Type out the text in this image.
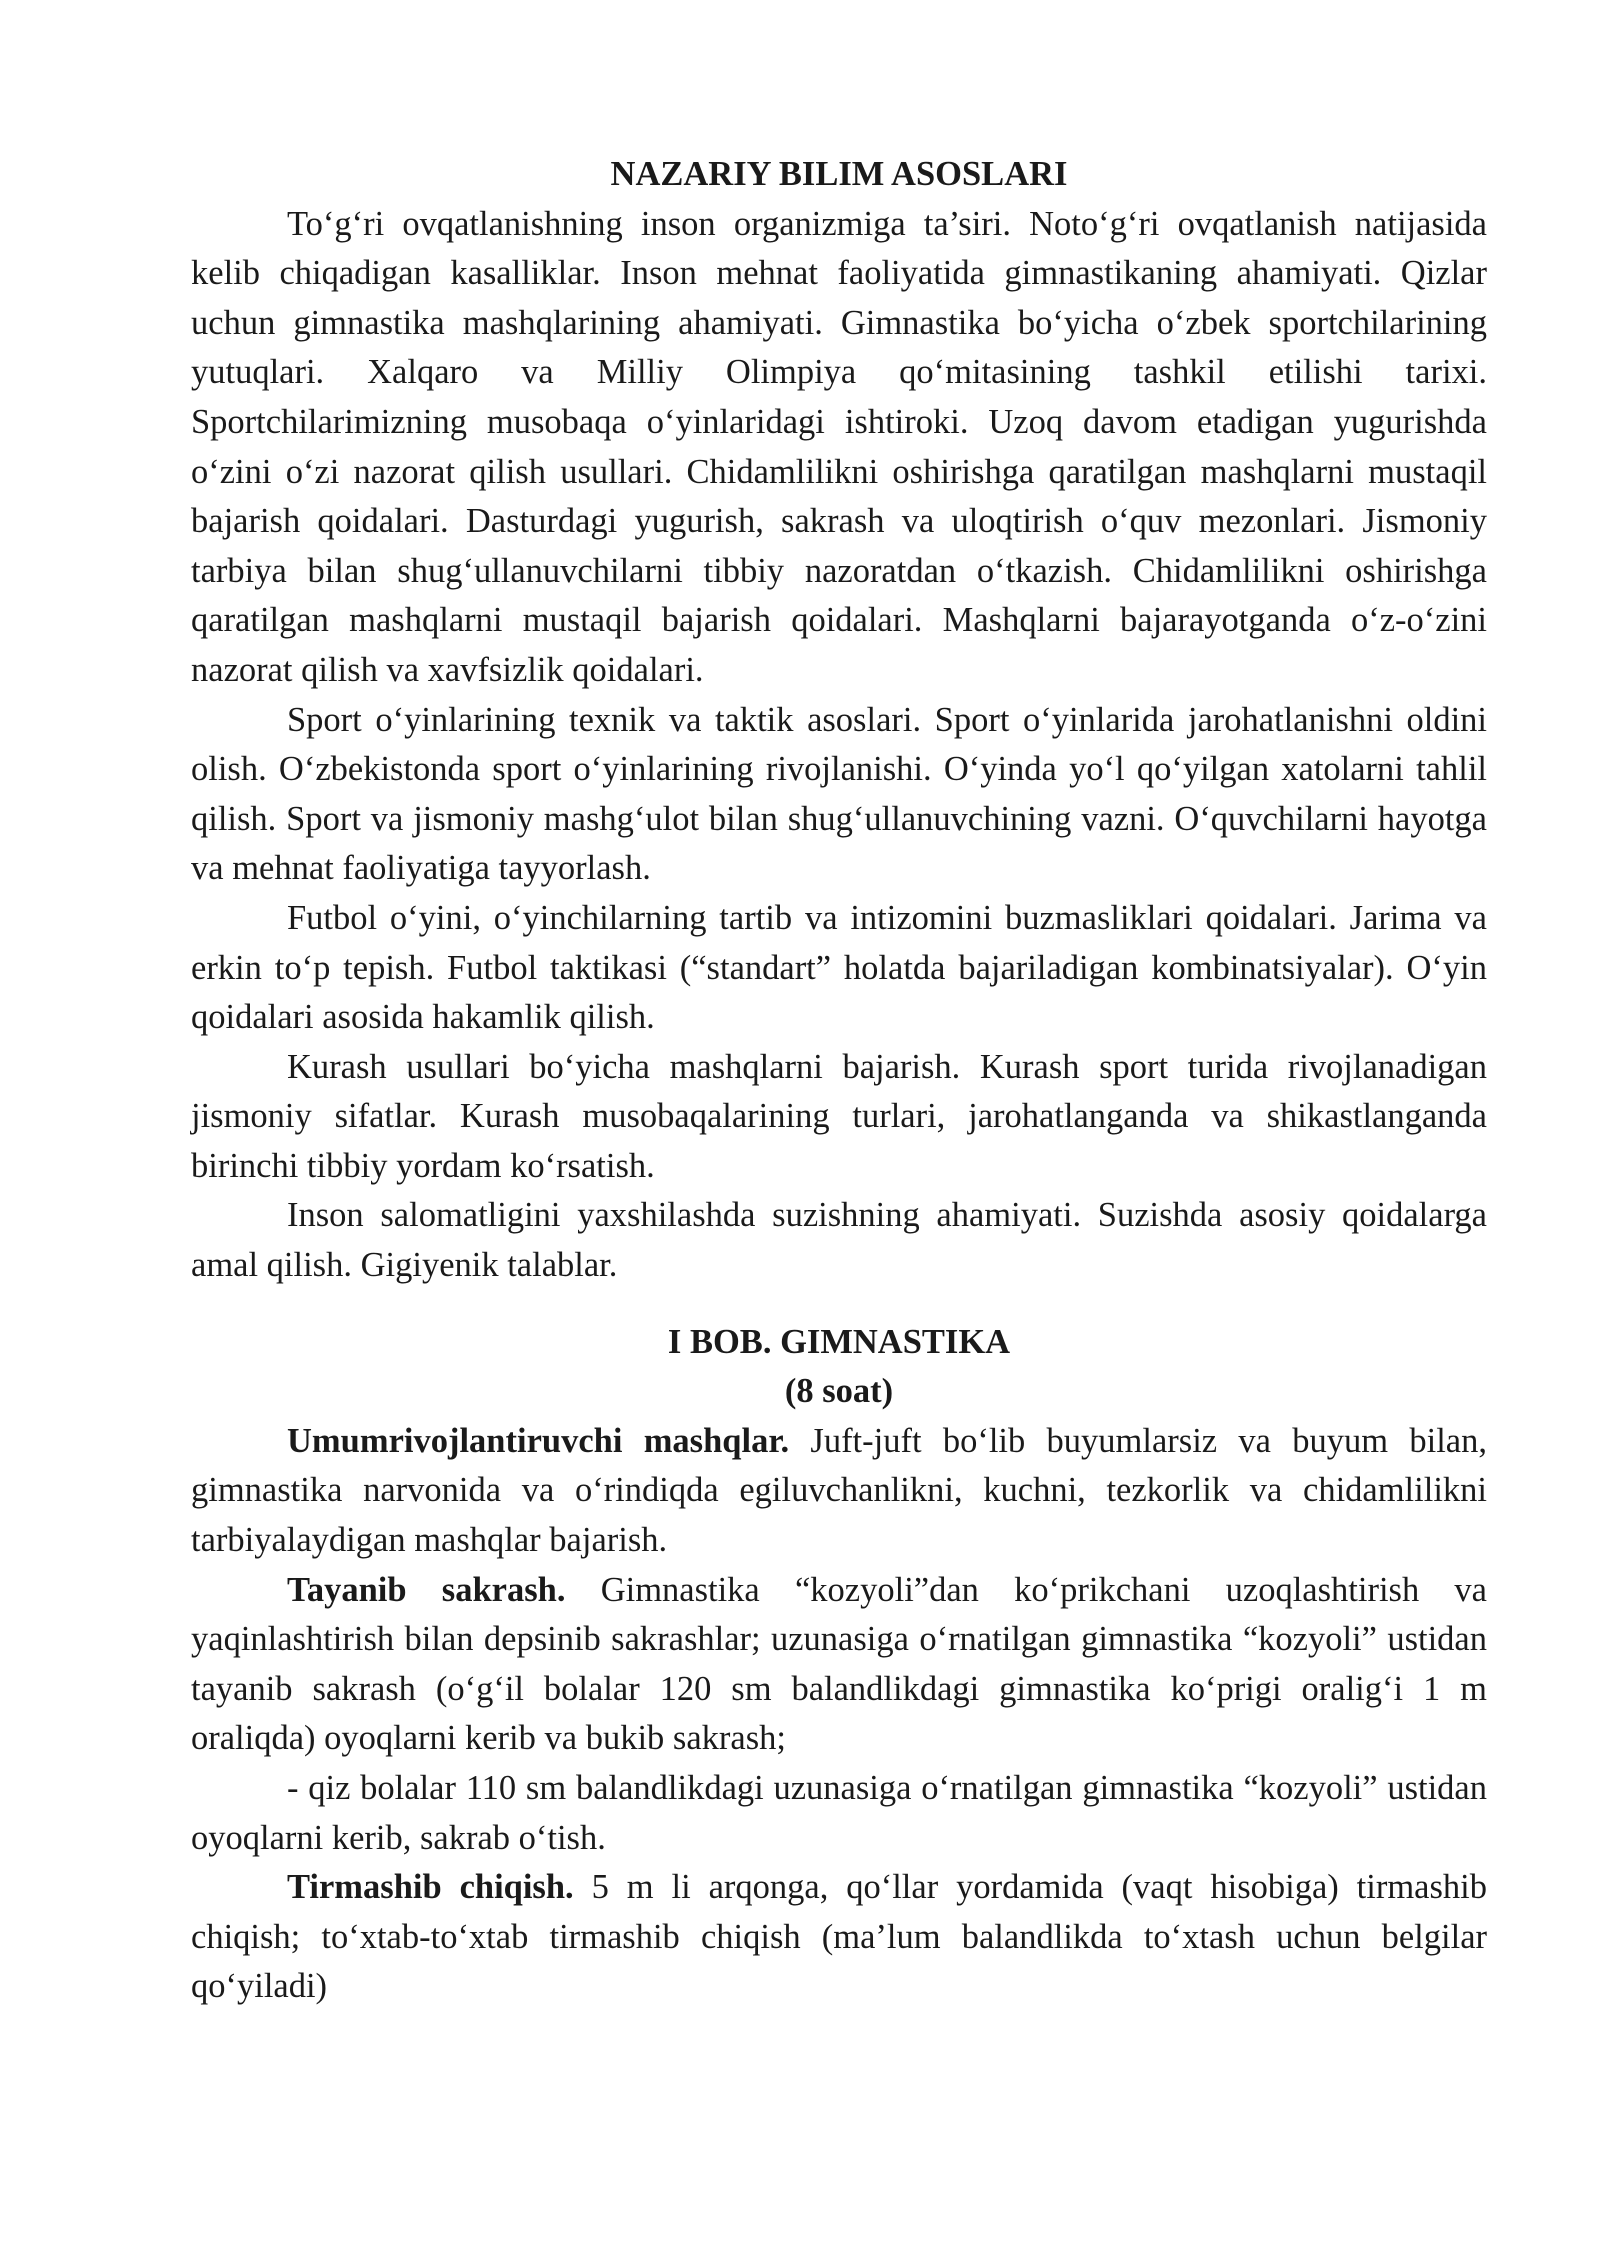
NAZARIY BILIM ASOSLARI

To‘g‘ri ovqatlanishning inson organizmiga ta’siri. Noto‘g‘ri ovqatlanish natijasida kelib chiqadigan kasalliklar. Inson mehnat faoliyatida gimnastikaning ahamiyati. Qizlar uchun gimnastika mashqlarining ahamiyati. Gimnastika bo‘yicha o‘zbek sportchilarining yutuqlari. Xalqaro va Milliy Olimpiya qo‘mitasining tashkil etilishi tarixi. Sportchilarimizning musobaqa o‘yinlaridagi ishtiroki. Uzoq davom etadigan yugurishda o‘zini o‘zi nazorat qilish usullari. Chidamlilikni oshirishga qaratilgan mashqlarni mustaqil bajarish qoidalari. Dasturdagi yugurish, sakrash va uloqtirish o‘quv mezonlari. Jismoniy tarbiya bilan shug‘ullanuvchilarni tibbiy nazoratdan o‘tkazish. Chidamlilikni oshirishga qaratilgan mashqlarni mustaqil bajarish qoidalari. Mashqlarni bajarayotganda o‘z-o‘zini nazorat qilish va xavfsizlik qoidalari.

Sport o‘yinlarining texnik va taktik asoslari. Sport o‘yinlarida jarohatlanishni oldini olish. O‘zbekistonda sport o‘yinlarining rivojlanishi. O‘yinda yo‘l qo‘yilgan xatolarni tahlil qilish. Sport va jismoniy mashg‘ulot bilan shug‘ullanuvchining vazni. O‘quvchilarni hayotga va mehnat faoliyatiga tayyorlash.

Futbol o‘yini, o‘yinchilarning tartib va intizomini buzmasliklari qoidalari. Jarima va erkin to‘p tepish. Futbol taktikasi (“standart” holatda bajariladigan kombinatsiyalar). O‘yin qoidalari asosida hakamlik qilish.

Kurash usullari bo‘yicha mashqlarni bajarish. Kurash sport turida rivojlanadigan jismoniy sifatlar. Kurash musobaqalarining turlari, jarohatlanganda va shikastlanganda birinchi tibbiy yordam ko‘rsatish.

Inson salomatligini yaxshilashda suzishning ahamiyati. Suzishda asosiy qoidalarga amal qilish. Gigiyenik talablar.

I BOB. GIMNASTIKA
(8 soat)

Umumrivojlantiruvchi mashqlar. Juft-juft bo‘lib buyumlarsiz va buyum bilan, gimnastika narvonida va o‘rindiqda egiluvchanlikni, kuchni, tezkorlik va chidamlilikni tarbiyalaydigan mashqlar bajarish.

Tayanib sakrash. Gimnastika “kozyoli”dan ko‘prikchani uzoqlashtirish va yaqinlashtirish bilan depsinib sakrashlar; uzunasiga o‘rnatilgan gimnastika “kozyoli” ustidan tayanib sakrash (o‘g‘il bolalar 120 sm balandlikdagi gimnastika ko‘prigi oralig‘i 1 m oraliqda) oyoqlarni kerib va bukib sakrash;

- qiz bolalar 110 sm balandlikdagi uzunasiga o‘rnatilgan gimnastika “kozyoli” ustidan oyoqlarni kerib, sakrab o‘tish.

Tirmashib chiqish. 5 m li arqonga, qo‘llar yordamida (vaqt hisobiga) tirmashib chiqish; to‘xtab-to‘xtab tirmashib chiqish (ma’lum balandlikda to‘xtash uchun belgilar qo‘yiladi)
